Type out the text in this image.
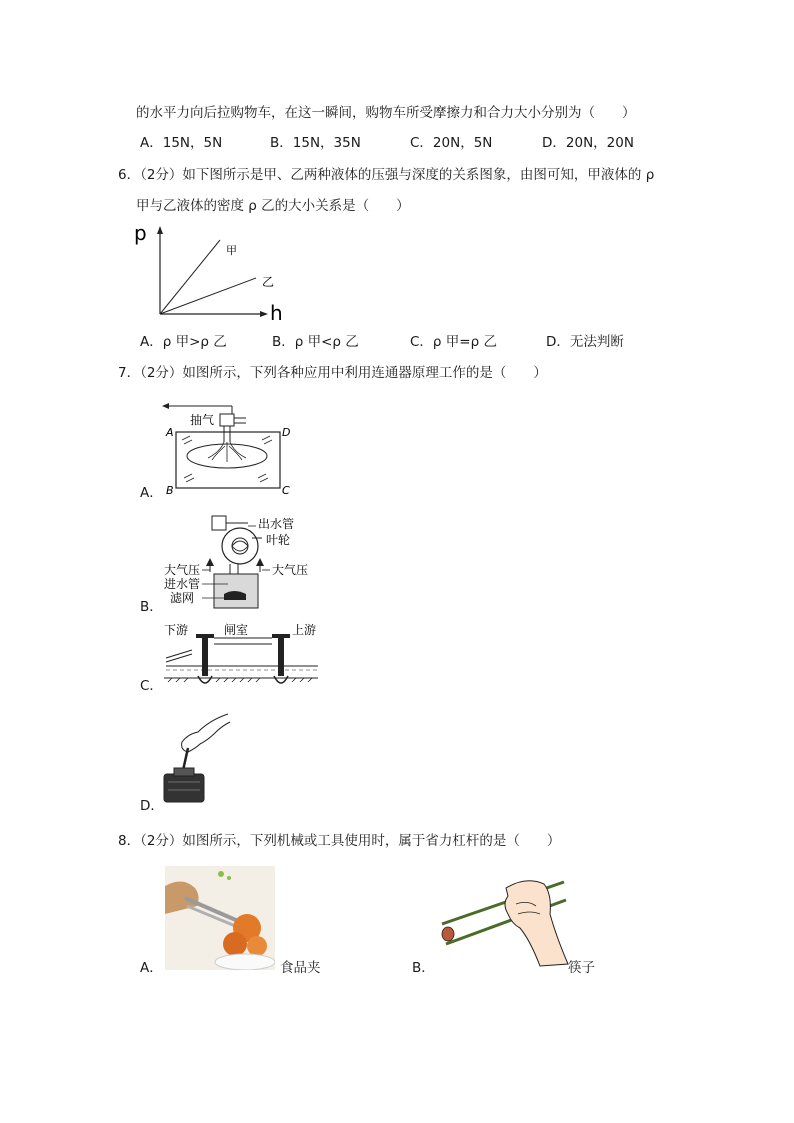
的水平力向后拉购物车，在这一瞬间，购物车所受摩擦力和合力大小分别为（　　）
A．15N，5N	B．15N，35N	C．20N，5N	D．20N，20N
6．（2分）如下图所示是甲、乙两种液体的压强与深度的关系图象，由图可知，甲液体的 ρ
甲与乙液体的密度 ρ 乙的大小关系是（　　）
p
h
甲
乙
A．ρ 甲>ρ 乙	B．ρ 甲<ρ 乙	C．ρ 甲=ρ 乙	D．无法判断
7．（2分）如图所示，下列各种应用中利用连通器原理工作的是（　　）
抽气
A
B	C
D
A．
出水管
叶轮
大气压
进水管
滤网
大气压
B．
下游	闸室	上游
C．
D．
8．（2分）如图所示，下列机械或工具使用时，属于省力杠杆的是（　　）
A．	食品夹	B．	筷子
